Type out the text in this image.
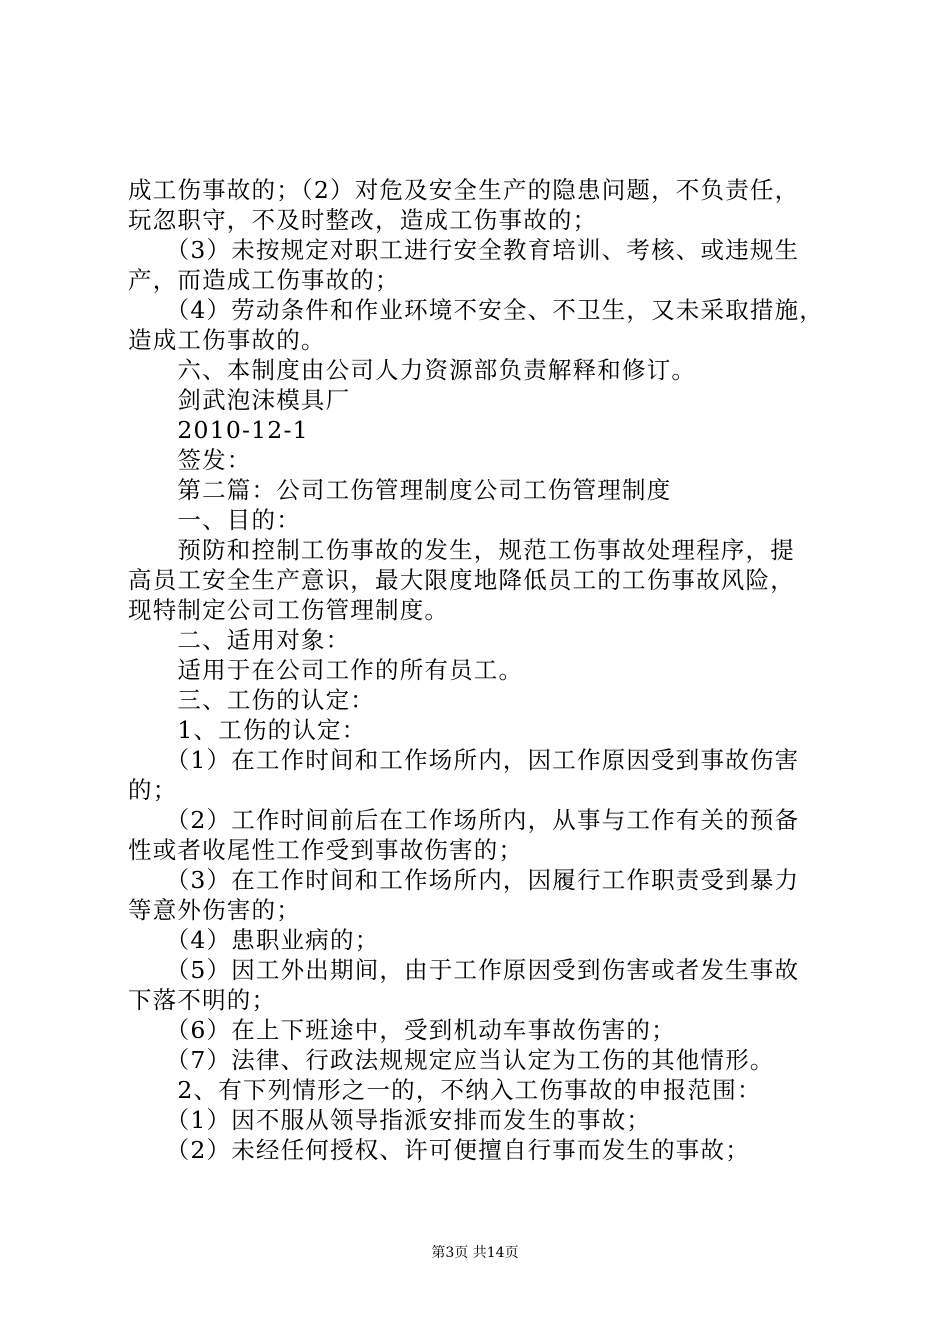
成工伤事故的；（2）对危及安全生产的隐患问题，不负责任，
玩忽职守，不及时整改，造成工伤事故的；
　　（3）未按规定对职工进行安全教育培训、考核、或违规生
产，而造成工伤事故的；
　　（4）劳动条件和作业环境不安全、不卫生，又未采取措施，
造成工伤事故的。
　　六、本制度由公司人力资源部负责解释和修订。
　　剑武泡沫模具厂
　　2010-12-1
　　签发：
　　第二篇：公司工伤管理制度公司工伤管理制度
　　一、目的：
　　预防和控制工伤事故的发生，规范工伤事故处理程序，提
高员工安全生产意识，最大限度地降低员工的工伤事故风险，
现特制定公司工伤管理制度。
　　二、适用对象：
　　适用于在公司工作的所有员工。
　　三、工伤的认定：
　　1、工伤的认定：
　　（1）在工作时间和工作场所内，因工作原因受到事故伤害
的；
　　（2）工作时间前后在工作场所内，从事与工作有关的预备
性或者收尾性工作受到事故伤害的；
　　（3）在工作时间和工作场所内，因履行工作职责受到暴力
等意外伤害的；
　　（4）患职业病的；
　　（5）因工外出期间，由于工作原因受到伤害或者发生事故
下落不明的；
　　（6）在上下班途中，受到机动车事故伤害的；
　　（7）法律、行政法规规定应当认定为工伤的其他情形。
　　2、有下列情形之一的，不纳入工伤事故的申报范围：
　　（1）因不服从领导指派安排而发生的事故；
　　（2）未经任何授权、许可便擅自行事而发生的事故；
第3页 共14页
